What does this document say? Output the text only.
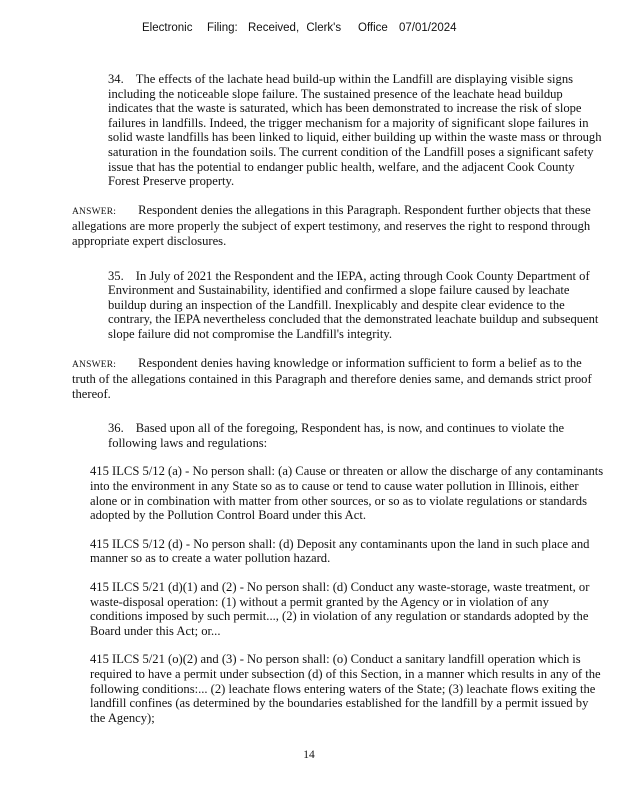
Electronic Filing: Received, Clerk's Office 07/01/2024

34. The effects of the lachate head build-up within the Landfill are displaying visible signs including the noticeable slope failure. The sustained presence of the leachate head buildup indicates that the waste is saturated, which has been demonstrated to increase the risk of slope failures in landfills. Indeed, the trigger mechanism for a majority of significant slope failures in solid waste landfills has been linked to liquid, either building up within the waste mass or through saturation in the foundation soils. The current condition of the Landfill poses a significant safety issue that has the potential to endanger public health, welfare, and the adjacent Cook County Forest Preserve property.

ANSWER: Respondent denies the allegations in this Paragraph. Respondent further objects that these allegations are more properly the subject of expert testimony, and reserves the right to respond through appropriate expert disclosures.

35. In July of 2021 the Respondent and the IEPA, acting through Cook County Department of Environment and Sustainability, identified and confirmed a slope failure caused by leachate buildup during an inspection of the Landfill. Inexplicably and despite clear evidence to the contrary, the IEPA nevertheless concluded that the demonstrated leachate buildup and subsequent slope failure did not compromise the Landfill's integrity.

ANSWER: Respondent denies having knowledge or information sufficient to form a belief as to the truth of the allegations contained in this Paragraph and therefore denies same, and demands strict proof thereof.

36. Based upon all of the foregoing, Respondent has, is now, and continues to violate the following laws and regulations:

415 ILCS 5/12 (a) - No person shall: (a) Cause or threaten or allow the discharge of any contaminants into the environment in any State so as to cause or tend to cause water pollution in Illinois, either alone or in combination with matter from other sources, or so as to violate regulations or standards adopted by the Pollution Control Board under this Act.

415 ILCS 5/12 (d) - No person shall: (d) Deposit any contaminants upon the land in such place and manner so as to create a water pollution hazard.

415 ILCS 5/21 (d)(1) and (2) - No person shall: (d) Conduct any waste-storage, waste treatment, or waste-disposal operation: (1) without a permit granted by the Agency or in violation of any conditions imposed by such permit..., (2) in violation of any regulation or standards adopted by the Board under this Act; or...

415 ILCS 5/21 (o)(2) and (3) - No person shall: (o) Conduct a sanitary landfill operation which is required to have a permit under subsection (d) of this Section, in a manner which results in any of the following conditions:... (2) leachate flows entering waters of the State; (3) leachate flows exiting the landfill confines (as determined by the boundaries established for the landfill by a permit issued by the Agency);

14
